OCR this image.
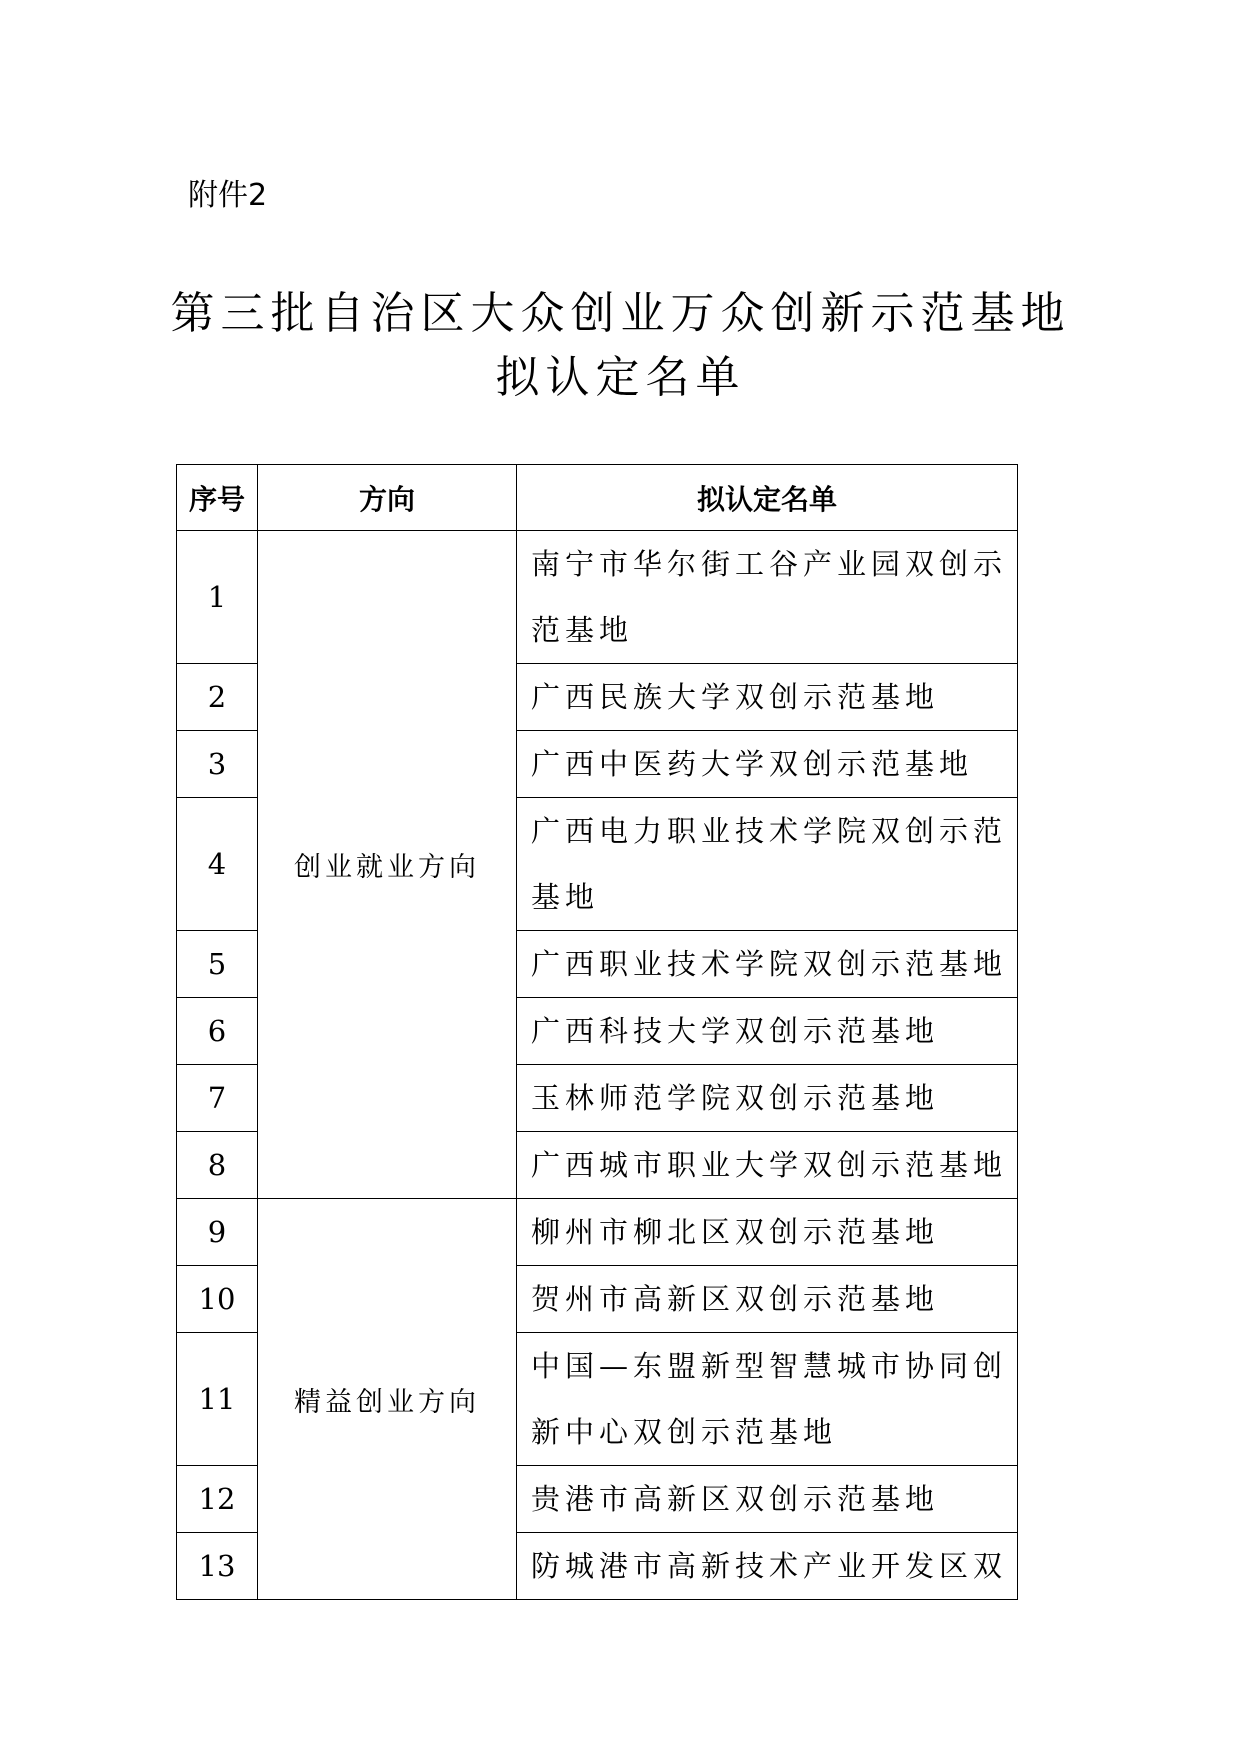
附件2
第三批自治区大众创业万众创新示范基地
拟认定名单
序号	方向	拟认定名单
1	创业就业方向	南宁市华尔街工谷产业园双创示范基地
2		广西民族大学双创示范基地
3		广西中医药大学双创示范基地
4		广西电力职业技术学院双创示范基地
5		广西职业技术学院双创示范基地
6		广西科技大学双创示范基地
7		玉林师范学院双创示范基地
8		广西城市职业大学双创示范基地
9	精益创业方向	柳州市柳北区双创示范基地
10		贺州市高新区双创示范基地
11		中国—东盟新型智慧城市协同创新中心双创示范基地
12		贵港市高新区双创示范基地
13		防城港市高新技术产业开发区双
